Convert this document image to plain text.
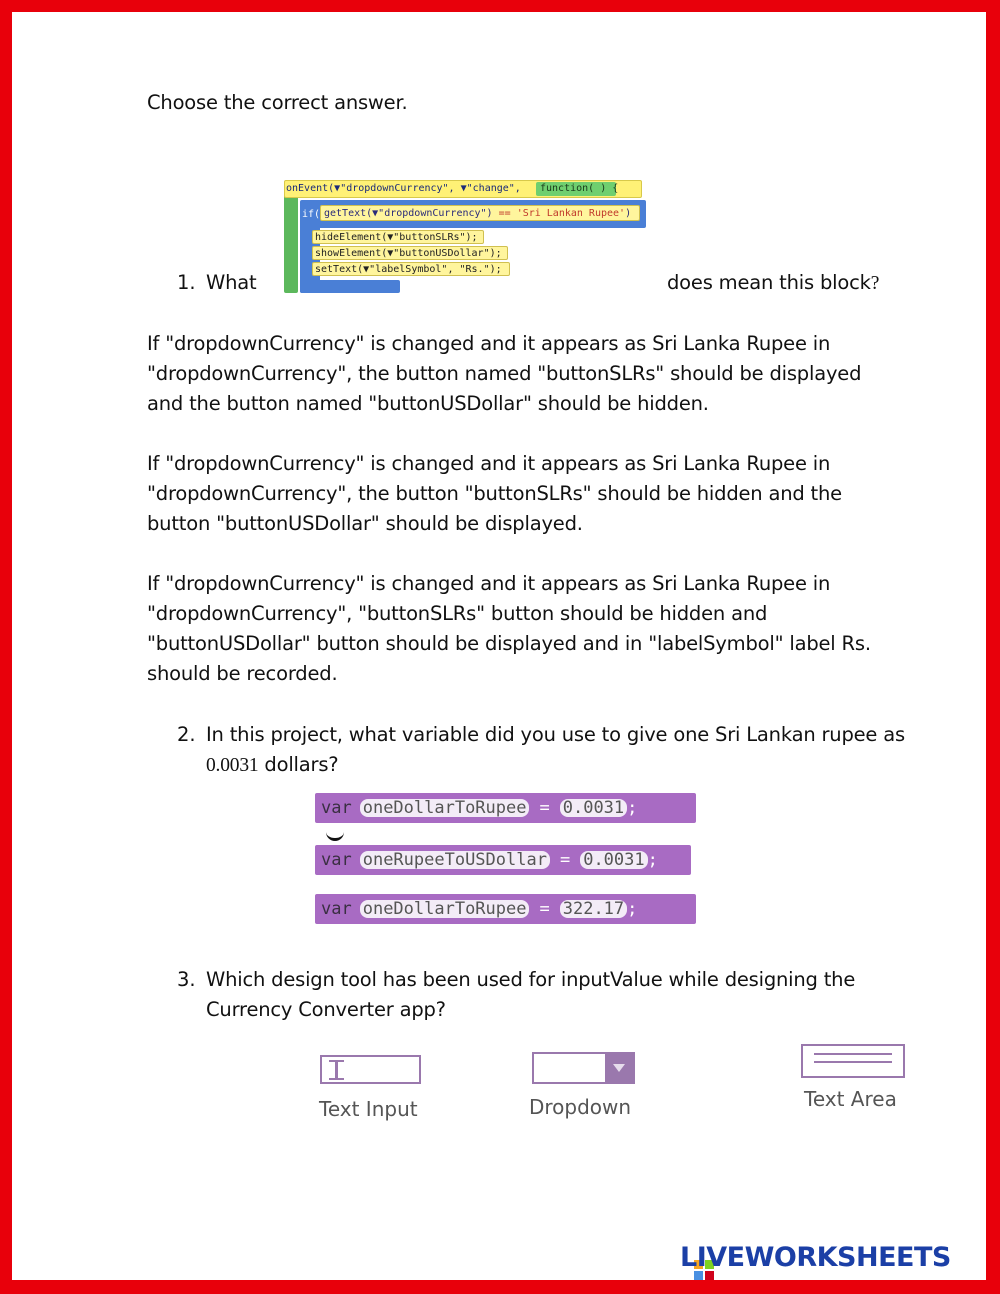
Choose the correct answer.
1. What
onEvent(▼"dropdownCurrency", ▼"change", function( ) {
if( getText(▼"dropdownCurrency") == 'Sri Lankan Rupee')
hideElement(▼"buttonSLRs");
showElement(▼"buttonUSDollar");
setText(▼"labelSymbol", "Rs.");
does mean this block?
If "dropdownCurrency" is changed and it appears as Sri Lanka Rupee in
"dropdownCurrency", the button named "buttonSLRs" should be displayed
and the button named "buttonUSDollar" should be hidden.
If "dropdownCurrency" is changed and it appears as Sri Lanka Rupee in
"dropdownCurrency", the button "buttonSLRs" should be hidden and the
button "buttonUSDollar" should be displayed.
If "dropdownCurrency" is changed and it appears as Sri Lanka Rupee in
"dropdownCurrency", "buttonSLRs" button should be hidden and
"buttonUSDollar" button should be displayed and in "labelSymbol" label Rs.
should be recorded.
2. In this project, what variable did you use to give one Sri Lankan rupee as
0.0031 dollars?
var oneDollarToRupee = 0.0031 ;
var oneRupeeToUSDollar = 0.0031 ;
var oneDollarToRupee = 322.17 ;
3. Which design tool has been used for inputValue while designing the
Currency Converter app?
Text Input	Dropdown	Text Area
LIVEWORKSHEETS
